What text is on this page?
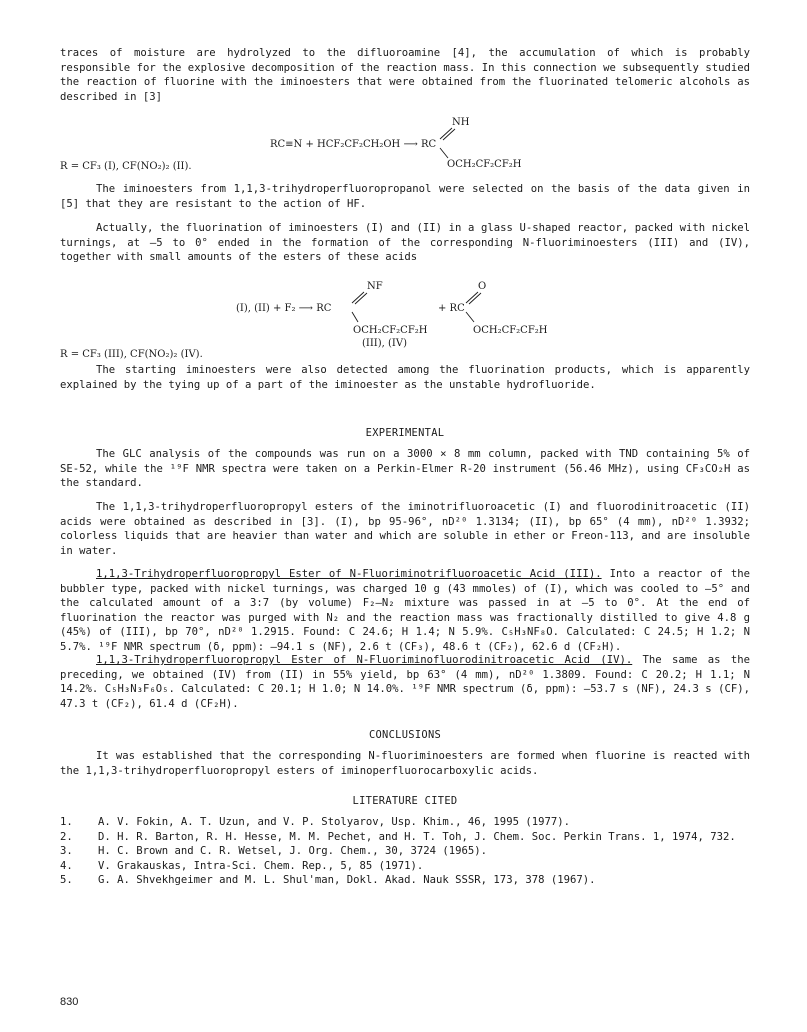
traces of moisture are hydrolyzed to the difluoroamine [4], the accumulation of which is probably responsible for the explosive decomposition of the reaction mass. In this connection we subsequently studied the reaction of fluorine with the iminoesters that were obtained from the fluorinated telomeric alcohols as described in [3]

NH
RC≡N + HCF₂CF₂CH₂OH ⟶ RC
OCH₂CF₂CF₂H
R = CF₃ (I), CF(NO₂)₂ (II).

The iminoesters from 1,1,3-trihydroperfluoropropanol were selected on the basis of the data given in [5] that they are resistant to the action of HF.

Actually, the fluorination of iminoesters (I) and (II) in a glass U-shaped reactor, packed with nickel turnings, at –5 to 0° ended in the formation of the corresponding N-fluoriminoesters (III) and (IV), together with small amounts of the esters of these acids

NF	O
(I), (II) + F₂ ⟶ RC	+ RC
OCH₂CF₂CF₂H	OCH₂CF₂CF₂H
(III), (IV)
R = CF₃ (III), CF(NO₂)₂ (IV).

The starting iminoesters were also detected among the fluorination products, which is apparently explained by the tying up of a part of the iminoester as the unstable hydrofluoride.

EXPERIMENTAL

The GLC analysis of the compounds was run on a 3000 × 8 mm column, packed with TND containing 5% of SE-52, while the ¹⁹F NMR spectra were taken on a Perkin-Elmer R-20 instrument (56.46 MHz), using CF₃CO₂H as the standard.

The 1,1,3-trihydroperfluoropropyl esters of the iminotrifluoroacetic (I) and fluorodinitroacetic (II) acids were obtained as described in [3]. (I), bp 95-96°, nD²⁰ 1.3134; (II), bp 65° (4 mm), nD²⁰ 1.3932; colorless liquids that are heavier than water and which are soluble in ether or Freon-113, and are insoluble in water.

1,1,3-Trihydroperfluoropropyl Ester of N-Fluoriminotrifluoroacetic Acid (III). Into a reactor of the bubbler type, packed with nickel turnings, was charged 10 g (43 mmoles) of (I), which was cooled to –5° and the calculated amount of a 3:7 (by volume) F₂–N₂ mixture was passed in at –5 to 0°. At the end of fluorination the reactor was purged with N₂ and the reaction mass was fractionally distilled to give 4.8 g (45%) of (III), bp 70°, nD²⁰ 1.2915. Found: C 24.6; H 1.4; N 5.9%. C₅H₃NF₈O. Calculated: C 24.5; H 1.2; N 5.7%. ¹⁹F NMR spectrum (δ, ppm): –94.1 s (NF), 2.6 t (CF₃), 48.6 t (CF₂), 62.6 d (CF₂H).

1,1,3-Trihydroperfluoropropyl Ester of N-Fluoriminofluorodinitroacetic Acid (IV). The same as the preceding, we obtained (IV) from (II) in 55% yield, bp 63° (4 mm), nD²⁰ 1.3809. Found: C 20.2; H 1.1; N 14.2%. C₅H₃N₃F₆O₅. Calculated: C 20.1; H 1.0; N 14.0%. ¹⁹F NMR spectrum (δ, ppm): –53.7 s (NF), 24.3 s (CF), 47.3 t (CF₂), 61.4 d (CF₂H).

CONCLUSIONS

It was established that the corresponding N-fluoriminoesters are formed when fluorine is reacted with the 1,1,3-trihydroperfluoropropyl esters of iminoperfluorocarboxylic acids.

LITERATURE CITED
1. A. V. Fokin, A. T. Uzun, and V. P. Stolyarov, Usp. Khim., 46, 1995 (1977).
2. D. H. R. Barton, R. H. Hesse, M. M. Pechet, and H. T. Toh, J. Chem. Soc. Perkin Trans. 1, 1974, 732.
3. H. C. Brown and C. R. Wetsel, J. Org. Chem., 30, 3724 (1965).
4. V. Grakauskas, Intra-Sci. Chem. Rep., 5, 85 (1971).
5. G. A. Shvekhgeimer and M. L. Shul'man, Dokl. Akad. Nauk SSSR, 173, 378 (1967).
830
